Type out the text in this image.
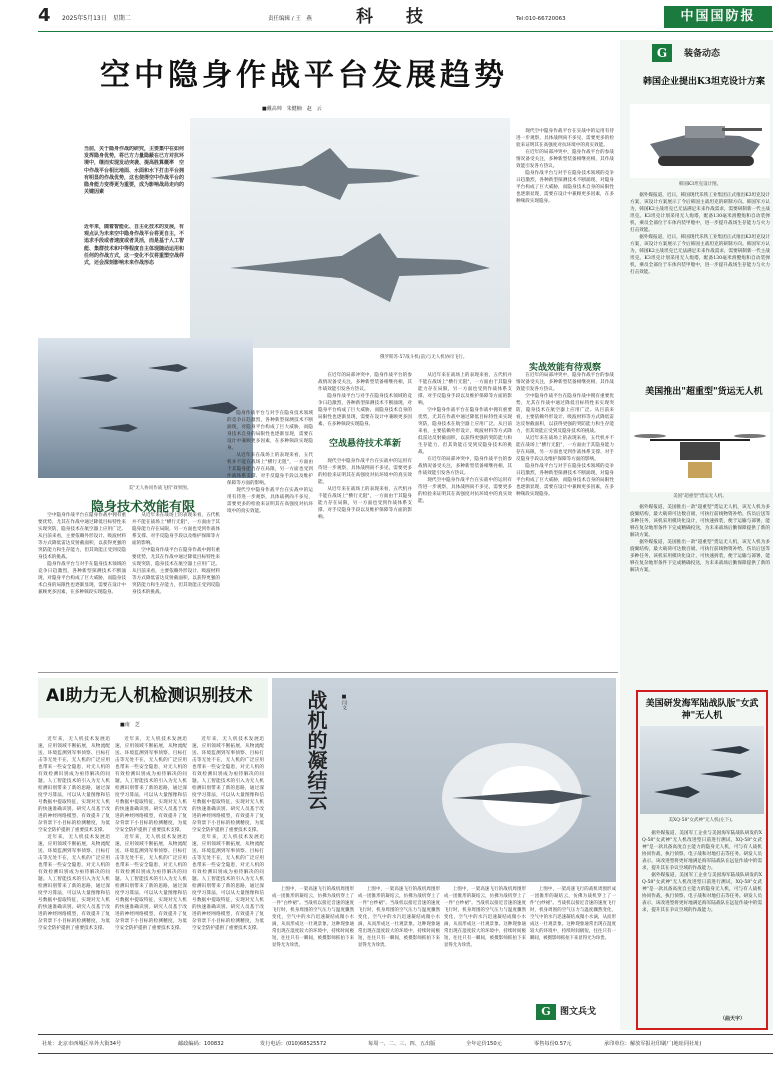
4 2025年5月13日　星期二	责任编辑 / 王　燕	科　技	Tel:010-66720063	中国国防报
空中隐身作战平台发展趋势
■戴高帅　朱健楠　赵　云
当前，关于隐身作战的研究，主要集中在如何发挥隐身优势，将已方力量隐蔽在已方对抗环境中，继而实现发动突袭、提高胜算概率　空中作战平台相比地面、水面和水下打击平台拥有明显的作战优势，这也使得空中作战平台的隐身能力变得更为重要，成为影响战局走向的关键因素
近年来，随着智能化、自主化技术的发展，有观点认为未来空中隐身作战平台将更自主，不追求手段或者速度或者灵活，而是基于人工智能、集群技术和中等程度自主体现随动运用和任何的作战方式，这一变化不仅将重塑空战样式，还会深刻影响未来作战形态
俄罗斯苏-57战斗机(前)与无人机协同飞行。
美"无人协同作战飞机"效果图。
隐身技术效能有限

空中隐身作战平台在隐身作战中拥有重要优势，尤其在作战中通过降低目标特性来实现突防，隐身技术在航空器上应用广泛。从目前来看，主要依赖外形设计、吸波材料等方式降低雷达反射截面积，以获得更强的突防能力和生存能力，但其效能正受到反隐身技术的挑战。

隐身作战平台与对手在隐身技术领域的竞争日趋激烈，各种新型探测技术不断涌现，对隐身平台构成了巨大威胁，而隐身技术自身的局限性也逐渐显现，需要在设计中兼顾更多因素，在多种频段实现隐身。

从近年来在战场上的表现来看，五代机并不能在战场上"横行无阻"，一方面由于其隐身能力存在局限，另一方面也受到作战体系支撑、对手反隐身手段以及维护保障等方面的影响。

空中隐身作战平台在隐身作战中拥有重要优势，尤其在作战中通过降低目标特性来实现突防，隐身技术在航空器上应用广泛。从目前来看，主要依赖外形设计、吸波材料等方式降低雷达反射截面积，以获得更强的突防能力和生存能力，但其效能正受到反隐身技术的挑战。

隐身作战平台与对手在隐身技术领域的竞争日趋激烈，各种新型探测技术不断涌现，对隐身平台构成了巨大威胁，而隐身技术自身的局限性也逐渐显现，需要在设计中兼顾更多因素，在多种频段实现隐身。

从近年来在战场上的表现来看，五代机并不能在战场上"横行无阻"，一方面由于其隐身能力存在局限，另一方面也受到作战体系支撑、对手反隐身手段以及维护保障等方面的影响。

现代空中隐身作战平台在实战中的运用有待进一步观察，具体战例尚不多见，需要更多的检验来证明其在高强度对抗环境中的真实效能。

在近年的局部冲突中，隐身作战平台的参战情况备受关注，多种新型装备相继亮相，其作战效能引发各方热议。

隐身作战平台与对手在隐身技术领域的竞争日趋激烈，各种新型探测技术不断涌现，对隐身平台构成了巨大威胁，而隐身技术自身的局限性也逐渐显现，需要在设计中兼顾更多因素，在多种频段实现隐身。

空战悬待技术革新

现代空中隐身作战平台在实战中的运用有待进一步观察，具体战例尚不多见，需要更多的检验来证明其在高强度对抗环境中的真实效能。

从近年来在战场上的表现来看，五代机并不能在战场上"横行无阻"，一方面由于其隐身能力存在局限，另一方面也受到作战体系支撑、对手反隐身手段以及维护保障等方面的影响。

从近年来在战场上的表现来看，五代机并不能在战场上"横行无阻"，一方面由于其隐身能力存在局限，另一方面也受到作战体系支撑、对手反隐身手段以及维护保障等方面的影响。

空中隐身作战平台在隐身作战中拥有重要优势，尤其在作战中通过降低目标特性来实现突防，隐身技术在航空器上应用广泛。从目前来看，主要依赖外形设计、吸波材料等方式降低雷达反射截面积，以获得更强的突防能力和生存能力，但其效能正受到反隐身技术的挑战。

在近年的局部冲突中，隐身作战平台的参战情况备受关注，多种新型装备相继亮相，其作战效能引发各方热议。

现代空中隐身作战平台在实战中的运用有待进一步观察，具体战例尚不多见，需要更多的检验来证明其在高强度对抗环境中的真实效能。

现代空中隐身作战平台在实战中的运用有待进一步观察，具体战例尚不多见，需要更多的检验来证明其在高强度对抗环境中的真实效能。

在近年的局部冲突中，隐身作战平台的参战情况备受关注，多种新型装备相继亮相，其作战效能引发各方热议。

隐身作战平台与对手在隐身技术领域的竞争日趋激烈，各种新型探测技术不断涌现，对隐身平台构成了巨大威胁，而隐身技术自身的局限性也逐渐显现，需要在设计中兼顾更多因素，在多种频段实现隐身。

实战效能有待观察

在近年的局部冲突中，隐身作战平台的参战情况备受关注，多种新型装备相继亮相，其作战效能引发各方热议。

空中隐身作战平台在隐身作战中拥有重要优势，尤其在作战中通过降低目标特性来实现突防，隐身技术在航空器上应用广泛。从目前来看，主要依赖外形设计、吸波材料等方式降低雷达反射截面积，以获得更强的突防能力和生存能力，但其效能正受到反隐身技术的挑战。

从近年来在战场上的表现来看，五代机并不能在战场上"横行无阻"，一方面由于其隐身能力存在局限，另一方面也受到作战体系支撑、对手反隐身手段以及维护保障等方面的影响。

隐身作战平台与对手在隐身技术领域的竞争日趋激烈，各种新型探测技术不断涌现，对隐身平台构成了巨大威胁，而隐身技术自身的局限性也逐渐显现，需要在设计中兼顾更多因素，在多种频段实现隐身。

AI助力无人机检测识别技术
■南　芝

近年来，无人机技术发展迅速，应用领域不断拓展，从物流配送、环境监测到军事侦察、目标打击等无处不在，无人机的广泛应用也带来一些安全隐患，对无人机的有效检测识别成为亟待解决的问题。人工智能技术的引入为无人机检测识别带来了新的思路，通过深度学习算法，可以从大量图像和信号数据中提取特征，实现对无人机的快速准确识别。研究人员基于改进的神经网络模型，有效提升了复杂背景下小目标的检测精度，为低空安全防护提供了重要技术支撑。

近年来，无人机技术发展迅速，应用领域不断拓展，从物流配送、环境监测到军事侦察、目标打击等无处不在，无人机的广泛应用也带来一些安全隐患，对无人机的有效检测识别成为亟待解决的问题。人工智能技术的引入为无人机检测识别带来了新的思路，通过深度学习算法，可以从大量图像和信号数据中提取特征，实现对无人机的快速准确识别。研究人员基于改进的神经网络模型，有效提升了复杂背景下小目标的检测精度，为低空安全防护提供了重要技术支撑。

近年来，无人机技术发展迅速，应用领域不断拓展，从物流配送、环境监测到军事侦察、目标打击等无处不在，无人机的广泛应用也带来一些安全隐患，对无人机的有效检测识别成为亟待解决的问题。人工智能技术的引入为无人机检测识别带来了新的思路，通过深度学习算法，可以从大量图像和信号数据中提取特征，实现对无人机的快速准确识别。研究人员基于改进的神经网络模型，有效提升了复杂背景下小目标的检测精度，为低空安全防护提供了重要技术支撑。

近年来，无人机技术发展迅速，应用领域不断拓展，从物流配送、环境监测到军事侦察、目标打击等无处不在，无人机的广泛应用也带来一些安全隐患，对无人机的有效检测识别成为亟待解决的问题。人工智能技术的引入为无人机检测识别带来了新的思路，通过深度学习算法，可以从大量图像和信号数据中提取特征，实现对无人机的快速准确识别。研究人员基于改进的神经网络模型，有效提升了复杂背景下小目标的检测精度，为低空安全防护提供了重要技术支撑。

近年来，无人机技术发展迅速，应用领域不断拓展，从物流配送、环境监测到军事侦察、目标打击等无处不在，无人机的广泛应用也带来一些安全隐患，对无人机的有效检测识别成为亟待解决的问题。人工智能技术的引入为无人机检测识别带来了新的思路，通过深度学习算法，可以从大量图像和信号数据中提取特征，实现对无人机的快速准确识别。研究人员基于改进的神经网络模型，有效提升了复杂背景下小目标的检测精度，为低空安全防护提供了重要技术支撑。

近年来，无人机技术发展迅速，应用领域不断拓展，从物流配送、环境监测到军事侦察、目标打击等无处不在，无人机的广泛应用也带来一些安全隐患，对无人机的有效检测识别成为亟待解决的问题。人工智能技术的引入为无人机检测识别带来了新的思路，通过深度学习算法，可以从大量图像和信号数据中提取特征，实现对无人机的快速准确识别。研究人员基于改进的神经网络模型，有效提升了复杂背景下小目标的检测精度，为低空安全防护提供了重要技术支撑。

战机的凝结云	■闫文

上图中，一架高速飞行的战机周围形成一团锥形的凝结云，仿佛为战机穿上了一件"白纱裙"。当战机以接近音速的速度飞行时，机身周围的空气压力与温度骤然变化，空气中的水汽迅速凝结成微小水滴，从而形成这一壮观景象。这种现象通常出现在湿度较大的环境中，持续时间极短，往往只有一瞬间，被摄影师抓拍下来显得尤为珍贵。

上图中，一架高速飞行的战机周围形成一团锥形的凝结云，仿佛为战机穿上了一件"白纱裙"。当战机以接近音速的速度飞行时，机身周围的空气压力与温度骤然变化，空气中的水汽迅速凝结成微小水滴，从而形成这一壮观景象。这种现象通常出现在湿度较大的环境中，持续时间极短，往往只有一瞬间，被摄影师抓拍下来显得尤为珍贵。

上图中，一架高速飞行的战机周围形成一团锥形的凝结云，仿佛为战机穿上了一件"白纱裙"。当战机以接近音速的速度飞行时，机身周围的空气压力与温度骤然变化，空气中的水汽迅速凝结成微小水滴，从而形成这一壮观景象。这种现象通常出现在湿度较大的环境中，持续时间极短，往往只有一瞬间，被摄影师抓拍下来显得尤为珍贵。

上图中，一架高速飞行的战机周围形成一团锥形的凝结云，仿佛为战机穿上了一件"白纱裙"。当战机以接近音速的速度飞行时，机身周围的空气压力与温度骤然变化，空气中的水汽迅速凝结成微小水滴，从而形成这一壮观景象。这种现象通常出现在湿度较大的环境中，持续时间极短，往往只有一瞬间，被摄影师抓拍下来显得尤为珍贵。

G	图文兵戈
G	装备动态
韩国企业提出K3坦克设计方案
韩国K3坦克设计图。

据外媒报道，近日，韩国现代乐铁工业集团正式推出K3坦克设计方案，该设计方案展示了今后韩国主战坦克的研制方向。韩国军方认为，韩国K2主战坦克已无法满足未来作战需求，需要研制新一代主战坦克。K3坦克计划采用无人炮塔，配备130毫米滑膛炮和自动装弹机，乘员全部位于车体内装甲舱中，进一步提升战场生存能力与火力打击效能。

据外媒报道，近日，韩国现代乐铁工业集团正式推出K3坦克设计方案，该设计方案展示了今后韩国主战坦克的研制方向。韩国军方认为，韩国K2主战坦克已无法满足未来作战需求，需要研制新一代主战坦克。K3坦克计划采用无人炮塔，配备130毫米滑膛炮和自动装弹机，乘员全部位于车体内装甲舱中，进一步提升战场生存能力与火力打击效能。

美国推出"超重型"货运无人机
美国"超重型"货运无人机。

据外媒报道，美国推出一款"超重型"货运无人机，该无人机为多旋翼结构，最大载荷可达数百磅，可执行前线物资补给、伤员后送等多种任务，该机采用模块化设计，可快速拆装，便于运输与部署，能够在复杂地形条件下完成精确投送，为未来战场后勤保障提供了新的解决方案。

据外媒报道，美国推出一款"超重型"货运无人机，该无人机为多旋翼结构，最大载荷可达数百磅，可执行前线物资补给、伤员后送等多种任务，该机采用模块化设计，可快速拆装，便于运输与部署，能够在复杂地形条件下完成精确投送，为未来战场后勤保障提供了新的解决方案。

美国研发海军陆战队版"女武神"无人机
美XQ-58"女武神"无人机(左下)。

据外媒报道，美国军工企业与美国海军陆战队研发的XQ-58"女武神"无人机改进型日前进行测试，XQ-58"女武神"是一款具备高度自主能力的隐身无人机，可与有人战机协同作战，执行侦察、电子战和对地打击等任务。研发人员表示，该改进型将更好地满足海军陆战队在远征作战中的需求，提升其在争议空域的作战能力。

据外媒报道，美国军工企业与美国海军陆战队研发的XQ-58"女武神"无人机改进型日前进行测试，XQ-58"女武神"是一款具备高度自主能力的隐身无人机，可与有人战机协同作战，执行侦察、电子战和对地打击等任务。研发人员表示，该改进型将更好地满足海军陆战队在远征作战中的需求，提升其在争议空域的作战能力。

（曲天宇）
社址：北京市西城区阜外大街34号	邮政编码：100832	发行电话：(010)68525572	每周一、二、三、四、五出版	全年定价150元	零售每份0.57元	承印单位：解放军报社印刷厂(地址同社址)
